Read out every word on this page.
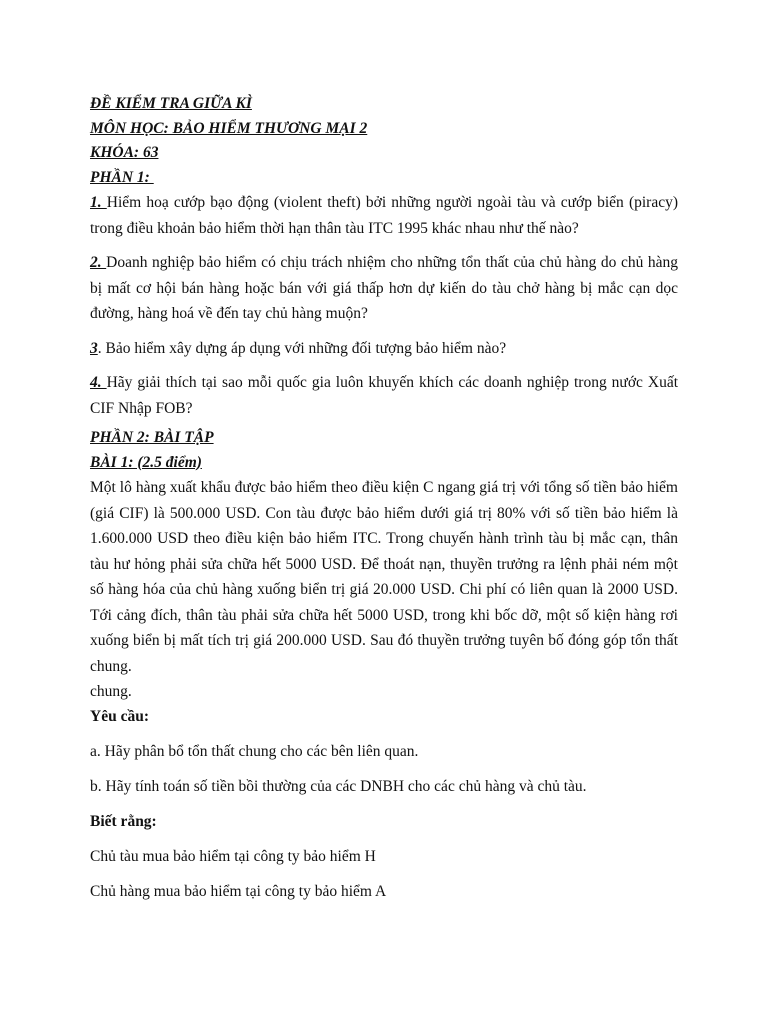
ĐỀ KIỂM TRA GIỮA KÌ
MÔN HỌC: BẢO HIỂM THƯƠNG MẠI 2
KHÓA: 63
PHẦN 1:

1. Hiểm hoạ cướp bạo động (violent theft) bởi những người ngoài tàu và cướp biển (piracy) trong điều khoản bảo hiểm thời hạn thân tàu ITC 1995 khác nhau như thế nào?

2. Doanh nghiệp bảo hiểm có chịu trách nhiệm cho những tổn thất của chủ hàng do chủ hàng bị mất cơ hội bán hàng hoặc bán với giá thấp hơn dự kiến do tàu chở hàng bị mắc cạn dọc đường, hàng hoá về đến tay chủ hàng muộn?

3. Bảo hiểm xây dựng áp dụng với những đối tượng bảo hiểm nào?

4. Hãy giải thích tại sao mỗi quốc gia luôn khuyến khích các doanh nghiệp trong nước Xuất CIF Nhập FOB?

PHẦN 2: BÀI TẬP
BÀI 1: (2.5 điểm)

Một lô hàng xuất khẩu được bảo hiểm theo điều kiện C ngang giá trị với tổng số tiền bảo hiểm (giá CIF) là 500.000 USD. Con tàu được bảo hiểm dưới giá trị 80% với số tiền bảo hiểm là 1.600.000 USD theo điều kiện bảo hiểm ITC. Trong chuyến hành trình tàu bị mắc cạn, thân tàu hư hỏng phải sửa chữa hết 5000 USD. Để thoát nạn, thuyền trưởng ra lệnh phải ném một số hàng hóa của chủ hàng xuống biển trị giá 20.000 USD. Chi phí có liên quan là 2000 USD. Tới cảng đích, thân tàu phải sửa chữa hết 5000 USD, trong khi bốc dỡ, một số kiện hàng rơi xuống biển bị mất tích trị giá 200.000 USD. Sau đó thuyền trưởng tuyên bố đóng góp tổn thất chung.

chung.

Yêu cầu:

a. Hãy phân bổ tổn thất chung cho các bên liên quan.

b. Hãy tính toán số tiền bồi thường của các DNBH cho các chủ hàng và chủ tàu.

Biết rằng:

Chủ tàu mua bảo hiểm tại công ty bảo hiểm H

Chủ hàng mua bảo hiểm tại công ty bảo hiểm A
